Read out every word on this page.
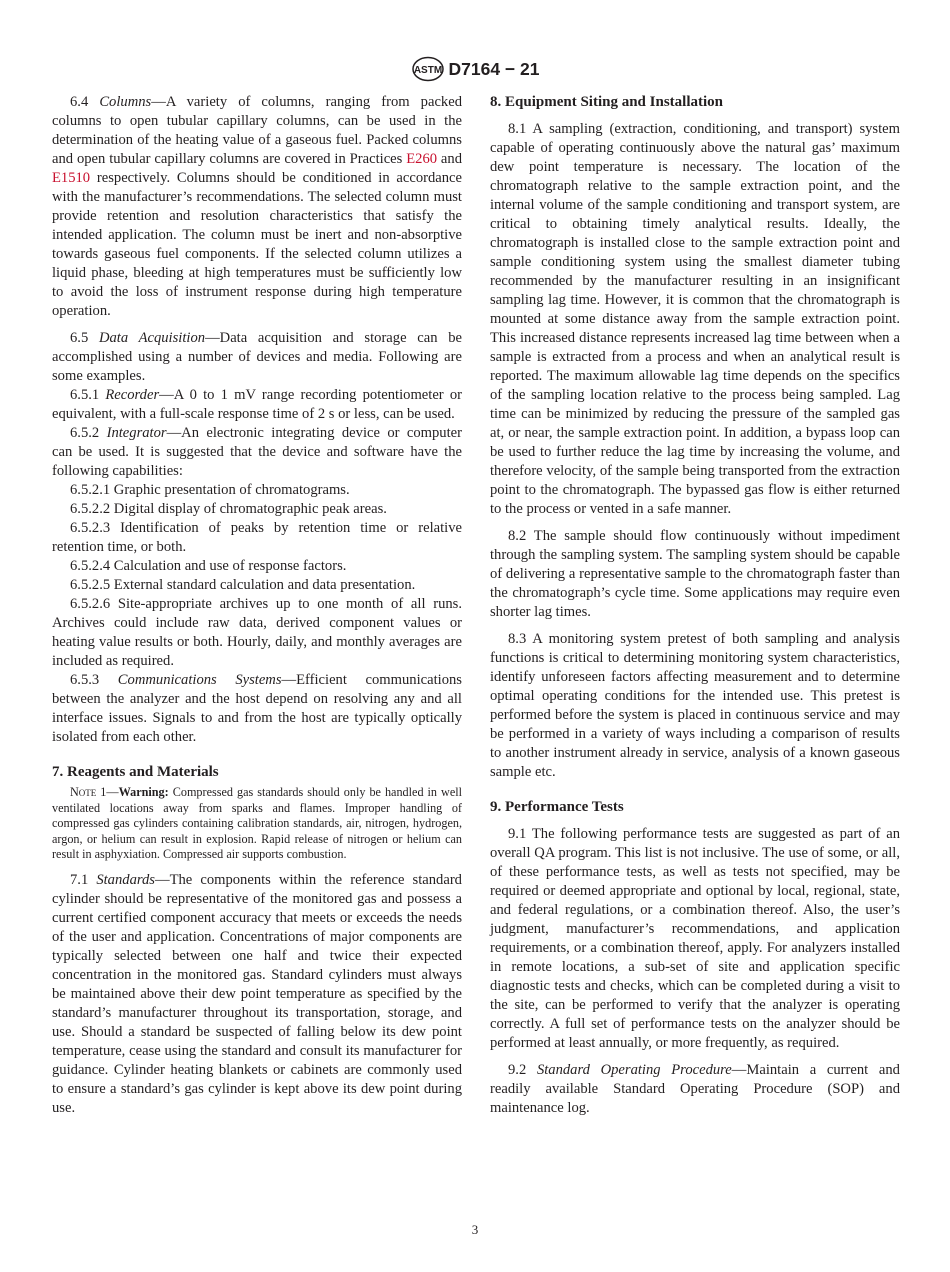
ASTM D7164 − 21

6.4 Columns—A variety of columns, ranging from packed columns to open tubular capillary columns, can be used in the determination of the heating value of a gaseous fuel. Packed columns and open tubular capillary columns are covered in Practices E260 and E1510 respectively. Columns should be conditioned in accordance with the manufacturer’s recommendations. The selected column must provide retention and resolution characteristics that satisfy the intended application. The column must be inert and non-absorptive towards gaseous fuel components. If the selected column utilizes a liquid phase, bleeding at high temperatures must be sufficiently low to avoid the loss of instrument response during high temperature operation.

6.5 Data Acquisition—Data acquisition and storage can be accomplished using a number of devices and media. Following are some examples.

6.5.1 Recorder—A 0 to 1 mV range recording potentiometer or equivalent, with a full-scale response time of 2 s or less, can be used.

6.5.2 Integrator—An electronic integrating device or computer can be used. It is suggested that the device and software have the following capabilities:

6.5.2.1 Graphic presentation of chromatograms.

6.5.2.2 Digital display of chromatographic peak areas.

6.5.2.3 Identification of peaks by retention time or relative retention time, or both.

6.5.2.4 Calculation and use of response factors.

6.5.2.5 External standard calculation and data presentation.

6.5.2.6 Site-appropriate archives up to one month of all runs. Archives could include raw data, derived component values or heating value results or both. Hourly, daily, and monthly averages are included as required.

6.5.3 Communications Systems—Efficient communications between the analyzer and the host depend on resolving any and all interface issues. Signals to and from the host are typically optically isolated from each other.

7. Reagents and Materials

Note 1—Warning: Compressed gas standards should only be handled in well ventilated locations away from sparks and flames. Improper handling of compressed gas cylinders containing calibration standards, air, nitrogen, hydrogen, argon, or helium can result in explosion. Rapid release of nitrogen or helium can result in asphyxiation. Compressed air supports combustion.

7.1 Standards—The components within the reference standard cylinder should be representative of the monitored gas and possess a current certified component accuracy that meets or exceeds the needs of the user and application. Concentrations of major components are typically selected between one half and twice their expected concentration in the monitored gas. Standard cylinders must always be maintained above their dew point temperature as specified by the standard’s manufacturer throughout its transportation, storage, and use. Should a standard be suspected of falling below its dew point temperature, cease using the standard and consult its manufacturer for guidance. Cylinder heating blankets or cabinets are commonly used to ensure a standard’s gas cylinder is kept above its dew point during use.

8. Equipment Siting and Installation

8.1 A sampling (extraction, conditioning, and transport) system capable of operating continuously above the natural gas’ maximum dew point temperature is necessary. The location of the chromatograph relative to the sample extraction point, and the internal volume of the sample conditioning and transport system, are critical to obtaining timely analytical results. Ideally, the chromatograph is installed close to the sample extraction point and sample conditioning system using the smallest diameter tubing recommended by the manufacturer resulting in an insignificant sampling lag time. However, it is common that the chromatograph is mounted at some distance away from the sample extraction point. This increased distance represents increased lag time between when a sample is extracted from a process and when an analytical result is reported. The maximum allowable lag time depends on the specifics of the sampling location relative to the process being sampled. Lag time can be minimized by reducing the pressure of the sampled gas at, or near, the sample extraction point. In addition, a bypass loop can be used to further reduce the lag time by increasing the volume, and therefore velocity, of the sample being transported from the extraction point to the chromatograph. The bypassed gas flow is either returned to the process or vented in a safe manner.

8.2 The sample should flow continuously without impediment through the sampling system. The sampling system should be capable of delivering a representative sample to the chromatograph faster than the chromatograph’s cycle time. Some applications may require even shorter lag times.

8.3 A monitoring system pretest of both sampling and analysis functions is critical to determining monitoring system characteristics, identify unforeseen factors affecting measurement and to determine optimal operating conditions for the intended use. This pretest is performed before the system is placed in continuous service and may be performed in a variety of ways including a comparison of results to another instrument already in service, analysis of a known gaseous sample etc.

9. Performance Tests

9.1 The following performance tests are suggested as part of an overall QA program. This list is not inclusive. The use of some, or all, of these performance tests, as well as tests not specified, may be required or deemed appropriate and optional by local, regional, state, and federal regulations, or a combination thereof. Also, the user’s judgment, manufacturer’s recommendations, and application requirements, or a combination thereof, apply. For analyzers installed in remote locations, a sub-set of site and application specific diagnostic tests and checks, which can be completed during a visit to the site, can be performed to verify that the analyzer is operating correctly. A full set of performance tests on the analyzer should be performed at least annually, or more frequently, as required.

9.2 Standard Operating Procedure—Maintain a current and readily available Standard Operating Procedure (SOP) and maintenance log.

3
